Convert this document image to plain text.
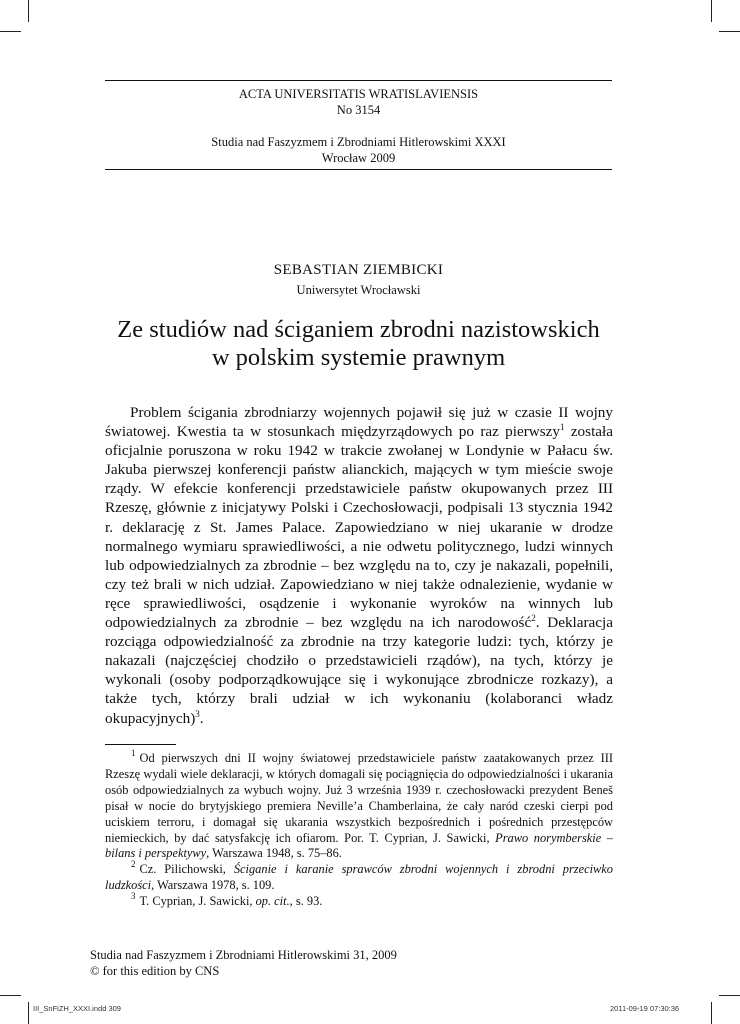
ACTA UNIVERSITATIS WRATISLAVIENSIS
No 3154
Studia nad Faszyzmem i Zbrodniami Hitlerowskimi XXXI
Wrocław 2009
SEBASTIAN ZIEMBICKI
Uniwersytet Wrocławski
Ze studiów nad ściganiem zbrodni nazistowskich
w polskim systemie prawnym

Problem ścigania zbrodniarzy wojennych pojawił się już w czasie II wojny światowej. Kwestia ta w stosunkach międzyrządowych po raz pierwszy$^1$ została oficjalnie poruszona w roku 1942 w trakcie zwołanej w Londynie w Pałacu św. Jakuba pierwszej konferencji państw alianckich, mających w tym mieście swoje rządy. W efekcie konferencji przedstawiciele państw okupowanych przez III Rzeszę, głównie z inicjatywy Polski i Czechosłowacji, podpisali 13 stycznia 1942 r. deklarację z St. James Palace. Zapowiedziano w niej ukaranie w drodze normalnego wymiaru sprawiedliwości, a nie odwetu politycznego, ludzi winnych lub odpowiedzialnych za zbrodnie – bez względu na to, czy je nakazali, popełnili, czy też brali w nich udział. Zapowiedziano w niej także odnalezienie, wydanie w ręce sprawiedliwości, osądzenie i wykonanie wyroków na winnych lub odpowiedzialnych za zbrodnie – bez względu na ich narodowość$^2$. Deklaracja rozciąga odpowiedzialność za zbrodnie na trzy kategorie ludzi: tych, którzy je nakazali (najczęściej chodziło o przedstawicieli rządów), na tych, którzy je wykonali (osoby podporządkowujące się i wykonujące zbrodnicze rozkazy), a także tych, którzy brali udział w ich wykonaniu (kolaboranci władz okupacyjnych)$^3$.

$^1$ Od pierwszych dni II wojny światowej przedstawiciele państw zaatakowanych przez III Rzeszę wydali wiele deklaracji, w których domagali się pociągnięcia do odpowiedzialności i ukarania osób odpowiedzialnych za wybuch wojny. Już 3 września 1939 r. czechosłowacki prezydent Beneš pisał w nocie do brytyjskiego premiera Neville’a Chamberlaina, że cały naród czeski cierpi pod uciskiem terroru, i domagał się ukarania wszystkich bezpośrednich i pośrednich przestępców niemieckich, by dać satysfakcję ich ofiarom. Por. T. Cyprian, J. Sawicki, Prawo norymberskie – bilans i perspektywy, Warszawa 1948, s. 75–86.

$^2$ Cz. Pilichowski, Ściganie i karanie sprawców zbrodni wojennych i zbrodni przeciwko ludzkości, Warszawa 1978, s. 109.

$^3$ T. Cyprian, J. Sawicki, op. cit., s. 93.

Studia nad Faszyzmem i Zbrodniami Hitlerowskimi 31, 2009
© for this edition by CNS
III_SnFiZH_XXXI.indd 309	2011-09-19 07:30:36
